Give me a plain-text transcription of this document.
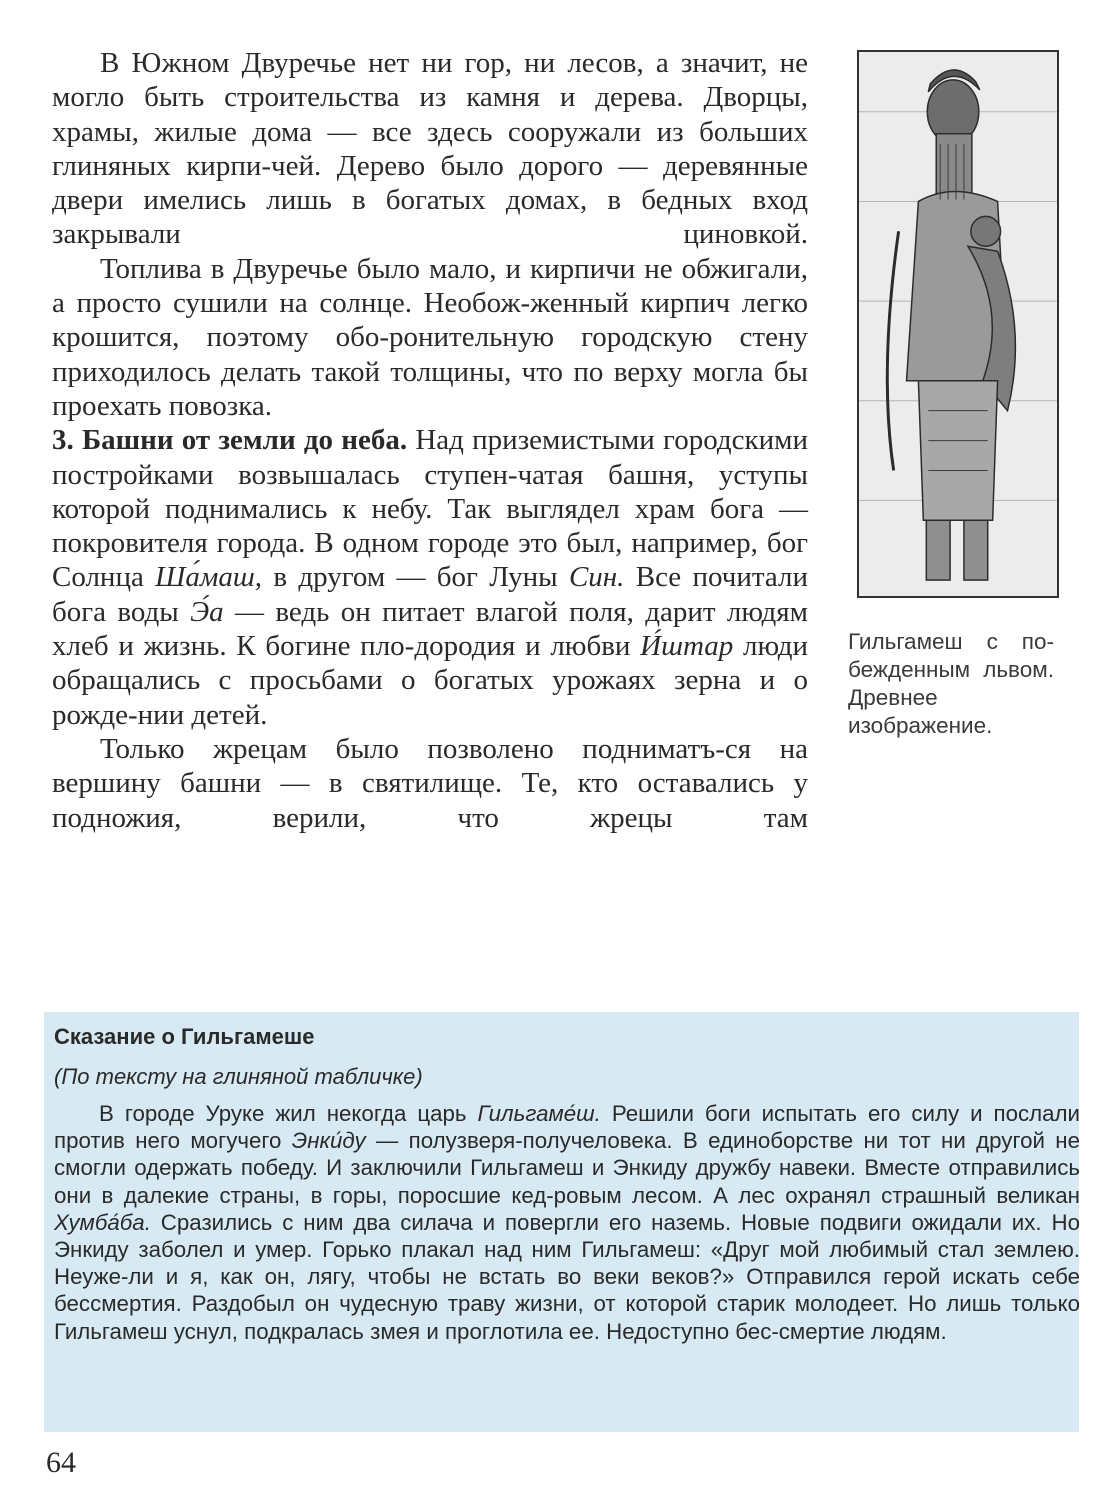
В Южном Двуречье нет ни гор, ни лесов, а значит, не могло быть строительства из камня и дерева. Дворцы, храмы, жилые дома — все здесь сооружали из больших глиняных кирпи-чей. Дерево было дорого — деревянные двери имелись лишь в богатых домах, в бедных вход закрывали циновкой.

Топлива в Двуречье было мало, и кирпичи не обжигали, а просто сушили на солнце. Необож-женный кирпич легко крошится, поэтому обо-ронительную городскую стену приходилось делать такой толщины, что по верху могла бы проехать повозка.

3. Башни от земли до неба. Над приземистыми городскими постройками возвышалась ступен-чатая башня, уступы которой поднимались к небу. Так выглядел храм бога — покровителя города. В одном городе это был, например, бог Солнца Ша́маш, в другом — бог Луны Син. Все почитали бога воды Э́а — ведь он питает влагой поля, дарит людям хлеб и жизнь. К богине пло-дородия и любви И́штар люди обращались с просьбами о богатых урожаях зерна и о рожде-нии детей.

Только жрецам было позволено подниматъ-ся на вершину башни — в святилище. Те, кто оставались у подножия, верили, что жрецы там

Гильгамеш с по- бежденным львом. Древнее изображение.
Сказание о Гильгамеше
(По тексту на глиняной табличке)

В городе Уруке жил некогда царь Гильгаме́ш. Решили боги испытать его силу и послали против него могучего Энки́ду — полузверя-получеловека. В единоборстве ни тот ни другой не смогли одержать победу. И заключили Гильгамеш и Энкиду дружбу навеки. Вместе отправились они в далекие страны, в горы, поросшие кед-ровым лесом. А лес охранял страшный великан Хумба́ба. Сразились с ним два силача и повергли его наземь. Новые подвиги ожидали их. Но Энкиду заболел и умер. Горько плакал над ним Гильгамеш: «Друг мой любимый стал землею. Неуже-ли и я, как он, лягу, чтобы не встать во веки веков?» Отправился герой искать себе бессмертия. Раздобыл он чудесную траву жизни, от которой старик молодеет. Но лишь только Гильгамеш уснул, подкралась змея и проглотила ее. Недоступно бес-смертие людям.

64
